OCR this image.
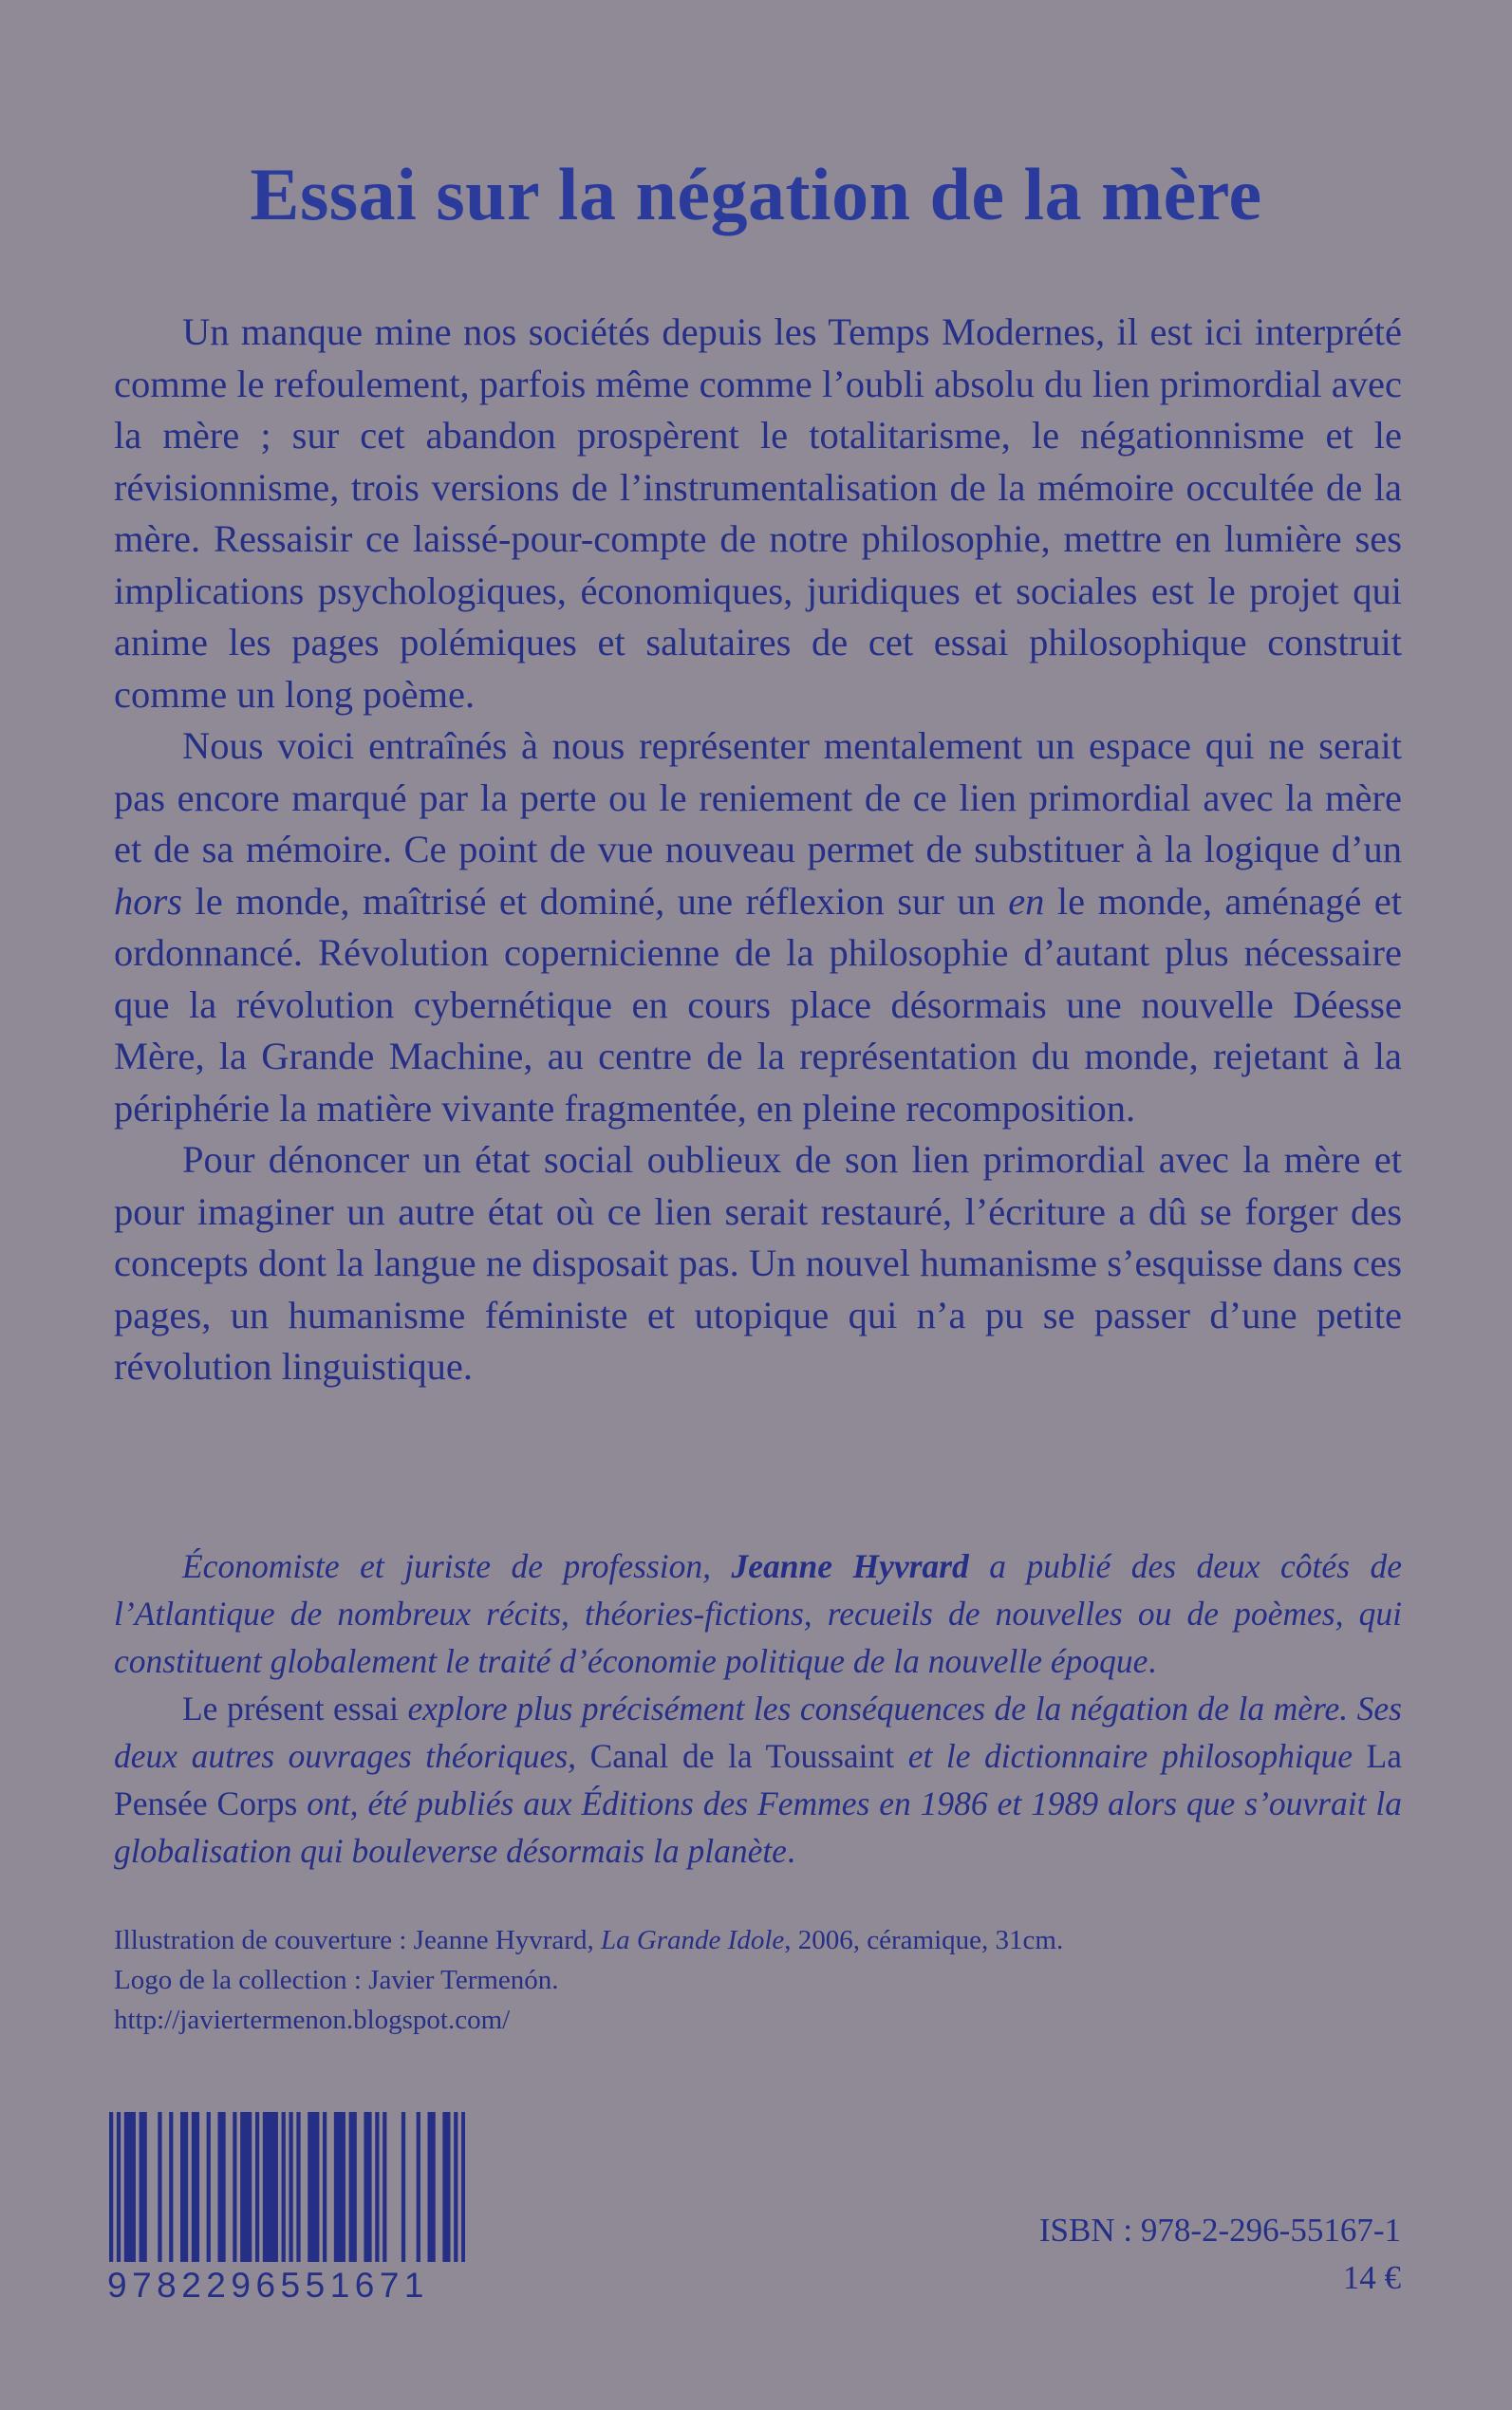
Essai sur la négation de la mère

Un manque mine nos sociétés depuis les Temps Modernes, il est ici interprété comme le refoulement, parfois même comme l’oubli absolu du lien primordial avec la mère ; sur cet abandon prospèrent le totalitarisme, le négationnisme et le révisionnisme, trois versions de l’instrumentalisation de la mémoire occultée de la mère. Ressaisir ce laissé-pour-compte de notre philosophie, mettre en lumière ses implications psychologiques, économiques, juridiques et sociales est le projet qui anime les pages polémiques et salutaires de cet essai philosophique construit comme un long poème.

Nous voici entraînés à nous représenter mentalement un espace qui ne serait pas encore marqué par la perte ou le reniement de ce lien primordial avec la mère et de sa mémoire. Ce point de vue nouveau permet de substituer à la logique d’un hors le monde, maîtrisé et dominé, une réflexion sur un en le monde, aménagé et ordonnancé. Révolution copernicienne de la philosophie d’autant plus nécessaire que la révolution cybernétique en cours place désormais une nouvelle Déesse Mère, la Grande Machine, au centre de la représentation du monde, rejetant à la périphérie la matière vivante fragmentée, en pleine recomposition.

Pour dénoncer un état social oublieux de son lien primordial avec la mère et pour imaginer un autre état où ce lien serait restauré, l’écriture a dû se forger des concepts dont la langue ne disposait pas. Un nouvel humanisme s’esquisse dans ces pages, un humanisme féministe et utopique qui n’a pu se passer d’une petite révolution linguistique.

Économiste et juriste de profession, Jeanne Hyvrard a publié des deux côtés de l’Atlantique de nombreux récits, théories-fictions, recueils de nouvelles ou de poèmes, qui constituent globalement le traité d’économie politique de la nouvelle époque.

Le présent essai explore plus précisément les conséquences de la négation de la mère. Ses deux autres ouvrages théoriques, Canal de la Toussaint et le dictionnaire philosophique La Pensée Corps ont, été publiés aux Éditions des Femmes en 1986 et 1989 alors que s’ouvrait la globalisation qui bouleverse désormais la planète.

Illustration de couverture : Jeanne Hyvrard, La Grande Idole, 2006, céramique, 31cm.
Logo de la collection : Javier Termenón.
http://javiertermenon.blogspot.com/
9782296551671
ISBN : 978-2-296-55167-1
14 €
